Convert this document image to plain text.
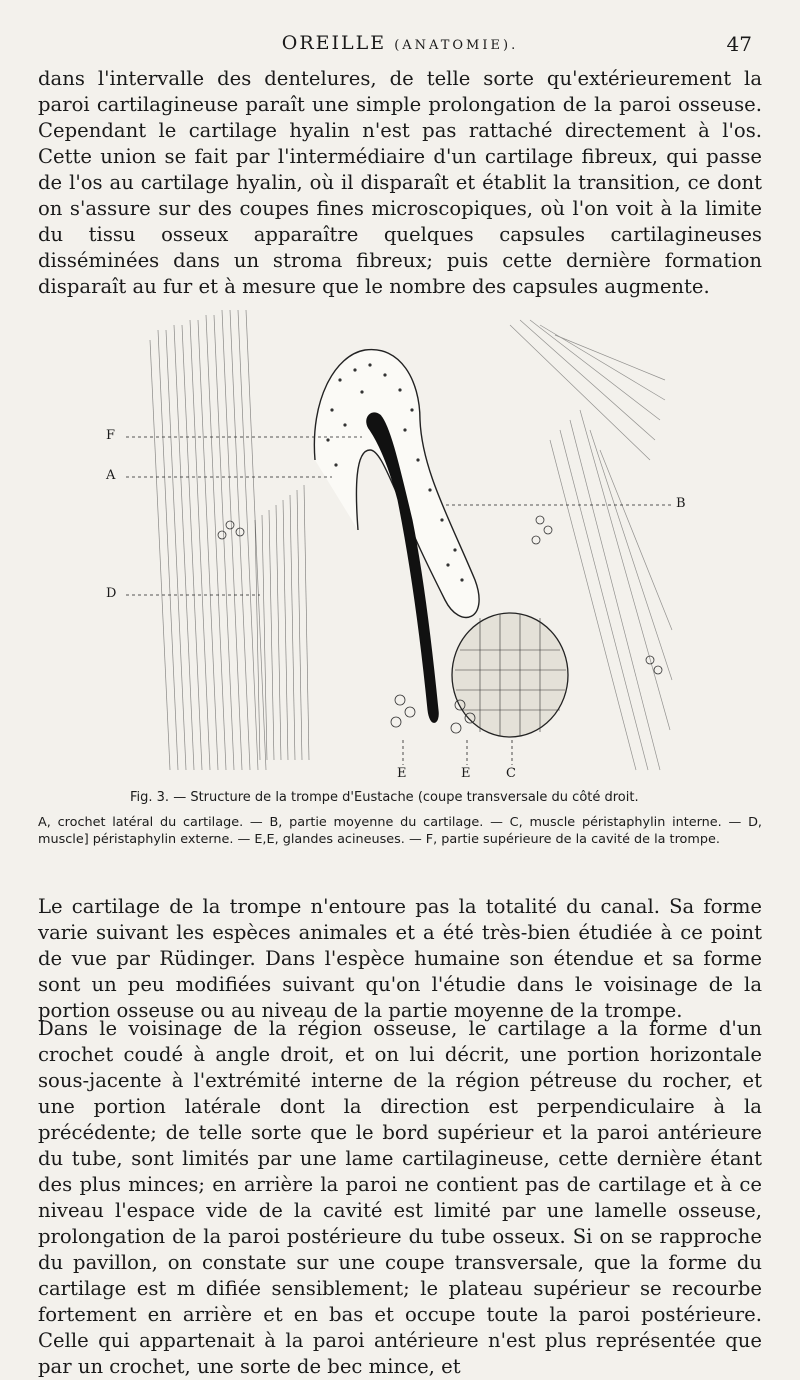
OREILLE (ANATOMIE).	47

dans l'intervalle des dentelures, de telle sorte qu'extérieurement la paroi cartilagineuse paraît une simple prolongation de la paroi osseuse. Cependant le cartilage hyalin n'est pas rattaché directement à l'os. Cette union se fait par l'intermédiaire d'un cartilage fibreux, qui passe de l'os au cartilage hyalin, où il disparaît et établit la transition, ce dont on s'assure sur des coupes fines microscopiques, où l'on voit à la limite du tissu osseux apparaître quelques capsules cartilagineuses disséminées dans un stroma fibreux; puis cette dernière formation disparaît au fur et à mesure que le nombre des capsules augmente.

F
A
D
B
E	E	C
Fig. 3. — Structure de la trompe d'Eustache (coupe transversale du côté droit.

A, crochet latéral du cartilage. — B, partie moyenne du cartilage. — C, muscle péristaphylin interne. — D, muscle] péristaphylin externe. — E,E, glandes acineuses. — F, partie supérieure de la cavité de la trompe.

Le cartilage de la trompe n'entoure pas la totalité du canal. Sa forme varie suivant les espèces animales et a été très-bien étudiée à ce point de vue par Rüdinger. Dans l'espèce humaine son étendue et sa forme sont un peu modifiées suivant qu'on l'étudie dans le voisinage de la portion osseuse ou au niveau de la partie moyenne de la trompe.

Dans le voisinage de la région osseuse, le cartilage a la forme d'un crochet coudé à angle droit, et on lui décrit, une portion horizontale sous-jacente à l'extrémité interne de la région pétreuse du rocher, et une portion latérale dont la direction est perpendiculaire à la précédente; de telle sorte que le bord supérieur et la paroi antérieure du tube, sont limités par une lame cartilagineuse, cette dernière étant des plus minces; en arrière la paroi ne contient pas de cartilage et à ce niveau l'espace vide de la cavité est limité par une lamelle osseuse, prolongation de la paroi postérieure du tube osseux. Si on se rapproche du pavillon, on constate sur une coupe transversale, que la forme du cartilage est m difiée sensiblement; le plateau supérieur se recourbe fortement en arrière et en bas et occupe toute la paroi postérieure. Celle qui appartenait à la paroi antérieure n'est plus représentée que par un crochet, une sorte de bec mince, et
